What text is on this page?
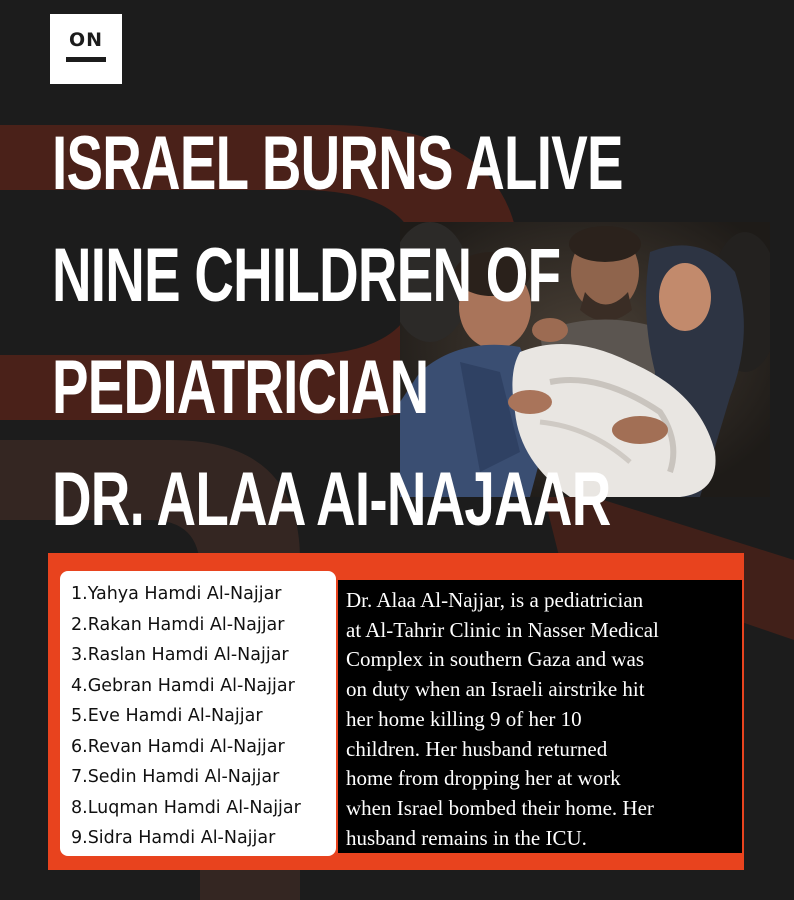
ON
ISRAEL BURNS ALIVE
NINE CHILDREN OF
PEDIATRICIAN
DR. ALAA AI-NAJAAR
1.Yahya Hamdi Al-Najjar
2.Rakan Hamdi Al-Najjar
3.Raslan Hamdi Al-Najjar
4.Gebran Hamdi Al-Najjar
5.Eve Hamdi Al-Najjar
6.Revan Hamdi Al-Najjar
7.Sedin Hamdi Al-Najjar
8.Luqman Hamdi Al-Najjar
9.Sidra Hamdi Al-Najjar

Dr. Alaa Al-Najjar, is a pediatrician
at Al-Tahrir Clinic in Nasser Medical
Complex in southern Gaza and was
on duty when an Israeli airstrike hit
her home killing 9 of her 10
children. Her husband returned
home from dropping her at work
when Israel bombed their home. Her
husband remains in the ICU.
